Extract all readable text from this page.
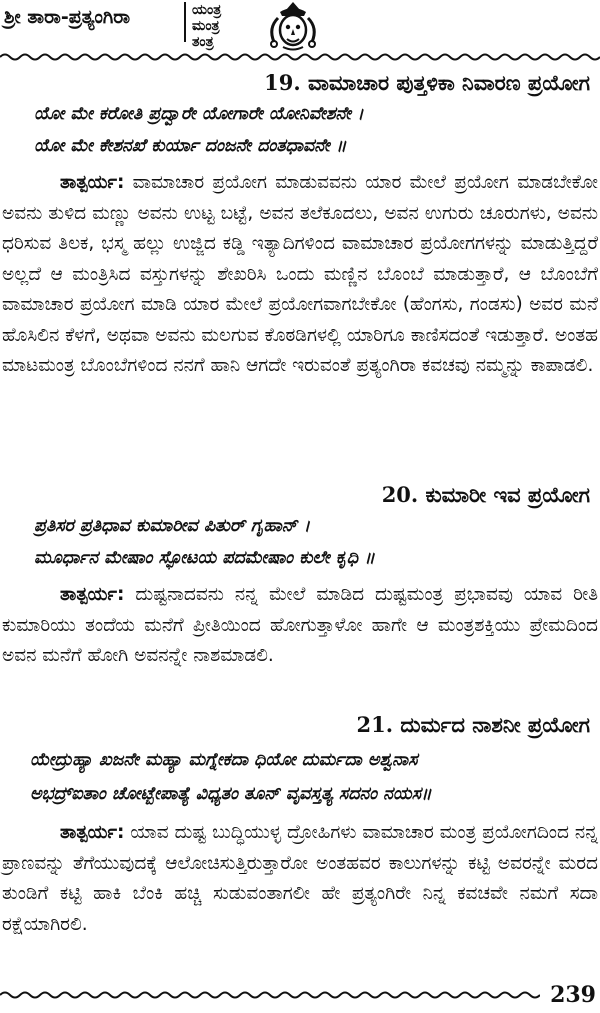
ಶ್ರೀ ತಾರಾ-ಪ್ರತ್ಯಂಗಿರಾ	ಯಂತ್ರ
ಮಂತ್ರ
ತಂತ್ರ
19. ವಾಮಾಚಾರ ಪುತ್ತಳಿಕಾ ನಿವಾರಣ ಪ್ರಯೋಗ
ಯೋ ಮೇ ಕರೋತಿ ಪ್ರದ್ವಾರೇ ಯೋಗಾರೇ ಯೋನಿವೇಶನೇ ।
ಯೋ ಮೇ ಕೇಶನಖೆ ಕುರ್ಯಾ ದಂಜನೇ ದಂತಧಾವನೇ ॥
ತಾತ್ಪರ್ಯ: ವಾಮಾಚಾರ ಪ್ರಯೋಗ ಮಾಡುವವನು ಯಾರ ಮೇಲೆ ಪ್ರಯೋಗ ಮಾಡಬೇಕೋ ಅವನು ತುಳಿದ ಮಣ್ಣು ಅವನು ಉಟ್ಟ ಬಟ್ಟೆ, ಅವನ ತಲೆಕೂದಲು, ಅವನ ಉಗುರು ಚೂರುಗಳು, ಅವನು ಧರಿಸುವ ತಿಲಕ, ಭಸ್ಮ ಹಲ್ಲು ಉಜ್ಜಿದ ಕಡ್ಡಿ ಇತ್ಯಾದಿಗಳಿಂದ ವಾಮಾಚಾರ ಪ್ರಯೋಗಗಳನ್ನು ಮಾಡುತ್ತಿದ್ದರೆ ಅಲ್ಲದೆ ಆ ಮಂತ್ರಿಸಿದ ವಸ್ತುಗಳನ್ನು ಶೇಖರಿಸಿ ಒಂದು ಮಣ್ಣಿನ ಬೊಂಬೆ ಮಾಡುತ್ತಾರೆ, ಆ ಬೊಂಬೆಗೆ ವಾಮಾಚಾರ ಪ್ರಯೋಗ ಮಾಡಿ ಯಾರ ಮೇಲೆ ಪ್ರಯೋಗವಾಗಬೇಕೋ (ಹೆಂಗಸು, ಗಂಡಸು) ಅವರ ಮನೆ ಹೊಸಿಲಿನ ಕೆಳಗೆ, ಅಥವಾ ಅವನು ಮಲಗುವ ಕೊಠಡಿಗಳಲ್ಲಿ ಯಾರಿಗೂ ಕಾಣಿಸದಂತೆ ಇಡುತ್ತಾರೆ. ಅಂತಹ ಮಾಟಮಂತ್ರ ಬೊಂಬೆಗಳಿಂದ ನನಗೆ ಹಾನಿ ಆಗದೇ ಇರುವಂತೆ ಪ್ರತ್ಯಂಗಿರಾ ಕವಚವು ನಮ್ಮನ್ನು ಕಾಪಾಡಲಿ.
20. ಕುಮಾರೀ ಇವ ಪ್ರಯೋಗ
ಪ್ರತಿಸರ ಪ್ರತಿಧಾವ ಕುಮಾರೀವ ಪಿತುರ್ ಗೃಹಾನ್ ।
ಮೂರ್ಧಾನ ಮೇಷಾಂ ಸ್ಫೋಟಯ ಪದಮೇಷಾಂ ಕುಲೇ ಕೃಧಿ ॥
ತಾತ್ಪರ್ಯ: ದುಷ್ಟನಾದವನು ನನ್ನ ಮೇಲೆ ಮಾಡಿದ ದುಷ್ಟಮಂತ್ರ ಪ್ರಭಾವವು ಯಾವ ರೀತಿ ಕುಮಾರಿಯು ತಂದೆಯ ಮನೆಗೆ ಪ್ರೀತಿಯಿಂದ ಹೋಗುತ್ತಾಳೋ ಹಾಗೇ ಆ ಮಂತ್ರಶಕ್ತಿಯು ಪ್ರೇಮದಿಂದ ಅವನ ಮನೆಗೆ ಹೋಗಿ ಅವನನ್ನೇ ನಾಶಮಾಡಲಿ.
21. ದುರ್ಮದ ನಾಶನೀ ಪ್ರಯೋಗ
ಯೇದ್ರುಹ್ಯಾ ಖಜನೇ ಮಹ್ಯಾ ಮಗ್ನೇಕದಾ ಧಿಯೋ ದುರ್ಮದಾ ಅಶ್ವನಾಸ
ಅಭದ್ರ್ಐತಾಂ ಚೋಟ್ಬೇಪಾತ್ಯೆ ವಿಧ್ಯತಂ ತೂನ್ ವೃವಸ್ತತ್ಯ ಸದನಂ ನಯಸ॥
ತಾತ್ಪರ್ಯ: ಯಾವ ದುಷ್ಟ ಬುದ್ಧಿಯುಳ್ಳ ದ್ರೋಹಿಗಳು ವಾಮಾಚಾರ ಮಂತ್ರ ಪ್ರಯೋಗದಿಂದ ನನ್ನ ಪ್ರಾಣವನ್ನು ತೆಗೆಯುವುದಕ್ಕೆ ಆಲೋಚಿಸುತ್ತಿರುತ್ತಾರೋ ಅಂತಹವರ ಕಾಲುಗಳನ್ನು ಕಟ್ಟಿ ಅವರನ್ನೇ ಮರದ ತುಂಡಿಗೆ ಕಟ್ಟಿ ಹಾಕಿ ಬೆಂಕಿ ಹಚ್ಚಿ ಸುಡುವಂತಾಗಲೀ ಹೇ ಪ್ರತ್ಯಂಗಿರೇ ನಿನ್ನ ಕವಚವೇ ನಮಗೆ ಸದಾ ರಕ್ಷೆಯಾಗಿರಲಿ.
239
